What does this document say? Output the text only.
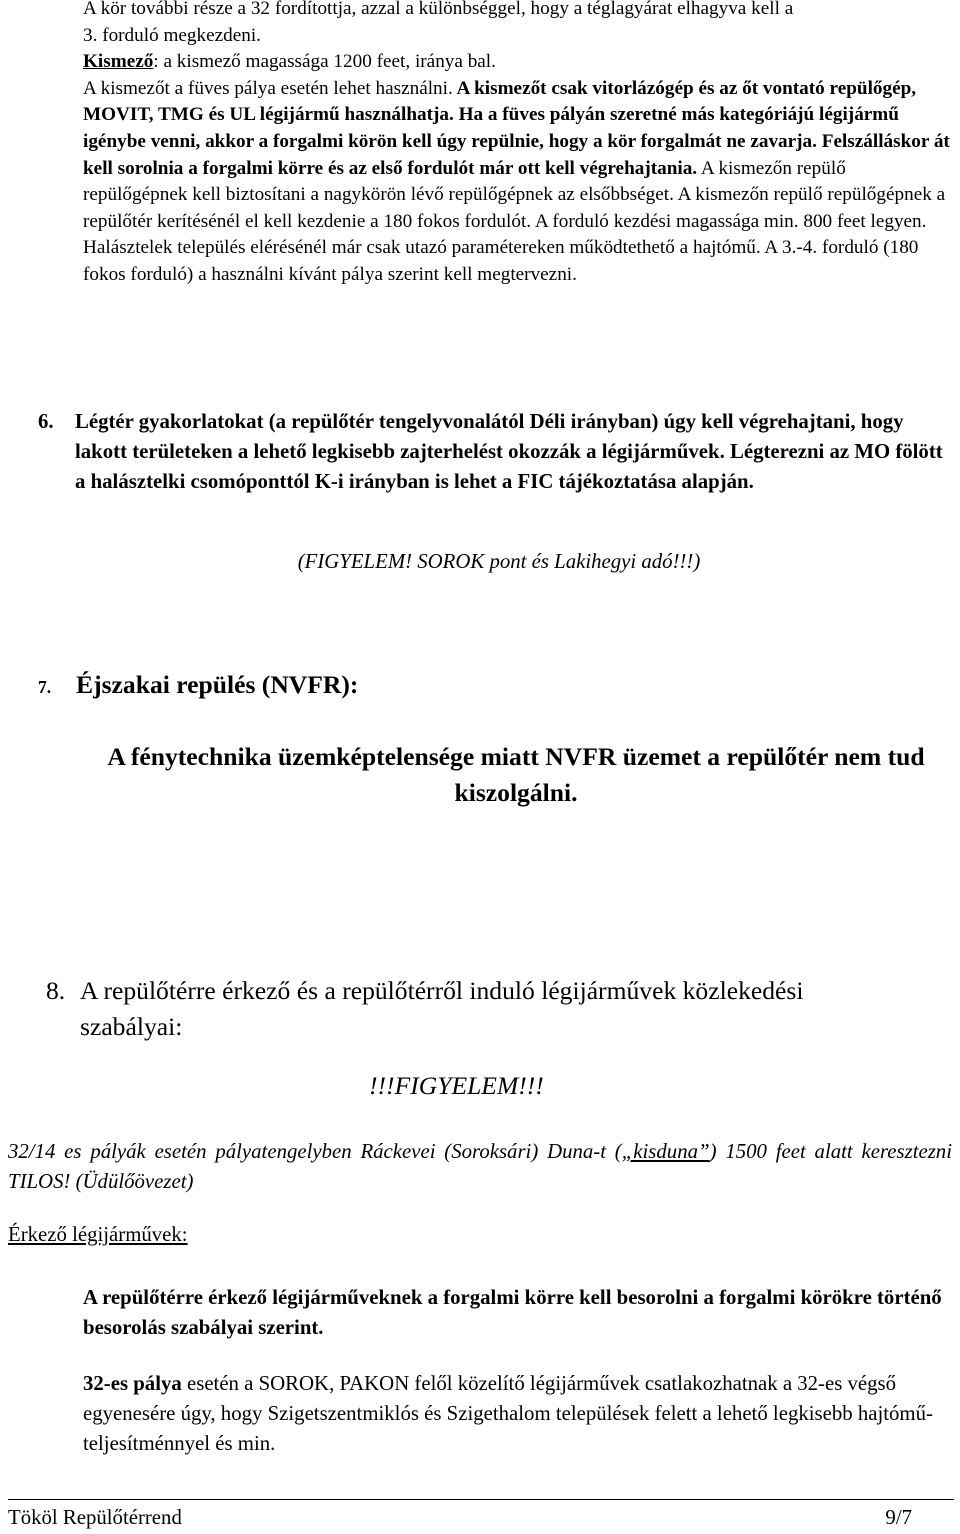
A kör további része a 32 fordítottja, azzal a különbséggel, hogy a téglagyárat elhagyva kell a

3. forduló megkezdeni.

Kismező: a kismező magassága 1200 feet, iránya bal.

A kismezőt a füves pálya esetén lehet használni. A kismezőt csak vitorlázógép és az őt vontató repülőgép, MOVIT, TMG és UL légijármű használhatja. Ha a füves pályán szeretné más kategóriájú légijármű igénybe venni, akkor a forgalmi körön kell úgy repülnie, hogy a kör forgalmát ne zavarja. Felszálláskor át kell sorolnia a forgalmi körre és az első fordulót már ott kell végrehajtania. A kismezőn repülő repülőgépnek kell biztosítani a nagykörön lévő repülőgépnek az elsőbbséget. A kismezőn repülő repülőgépnek a repülőtér kerítésénél el kell kezdenie a 180 fokos fordulót. A forduló kezdési magassága min. 800 feet legyen. Halásztelek település elérésénél már csak utazó paramétereken működtethető a hajtómű. A 3.-4. forduló (180 fokos forduló) a használni kívánt pálya szerint kell megtervezni.

6. Légtér gyakorlatokat (a repülőtér tengelyvonalától Déli irányban) úgy kell végrehajtani, hogy lakott területeken a lehető legkisebb zajterhelést okozzák a légijárművek. Légterezni az MO fölött a halásztelki csomóponttól K-i irányban is lehet a FIC tájékoztatása alapján.
(FIGYELEM! SOROK pont és Lakihegyi adó!!!)
7. Éjszakai repülés (NVFR):
A fénytechnika üzemképtelensége miatt NVFR üzemet a repülőtér nem tud kiszolgálni.
8. A repülőtérre érkező és a repülőtérről induló légijárművek közlekedési szabályai:
!!!FIGYELEM!!!
32/14 es pályák esetén pályatengelyben Ráckevei (Soroksári) Duna-t („kisduna”) 1500 feet alatt keresztezni TILOS! (Üdülőövezet)
Érkező légijárművek:
A repülőtérre érkező légijárműveknek a forgalmi körre kell besorolni a forgalmi körökre történő besorolás szabályai szerint.
32-es pálya esetén a SOROK, PAKON felől közelítő légijárművek csatlakozhatnak a 32-es végső egyenesére úgy, hogy Szigetszentmiklós és Szigethalom települések felett a lehető legkisebb hajtómű-teljesítménnyel és min.
Tököl Repülőtérrend	9/7
